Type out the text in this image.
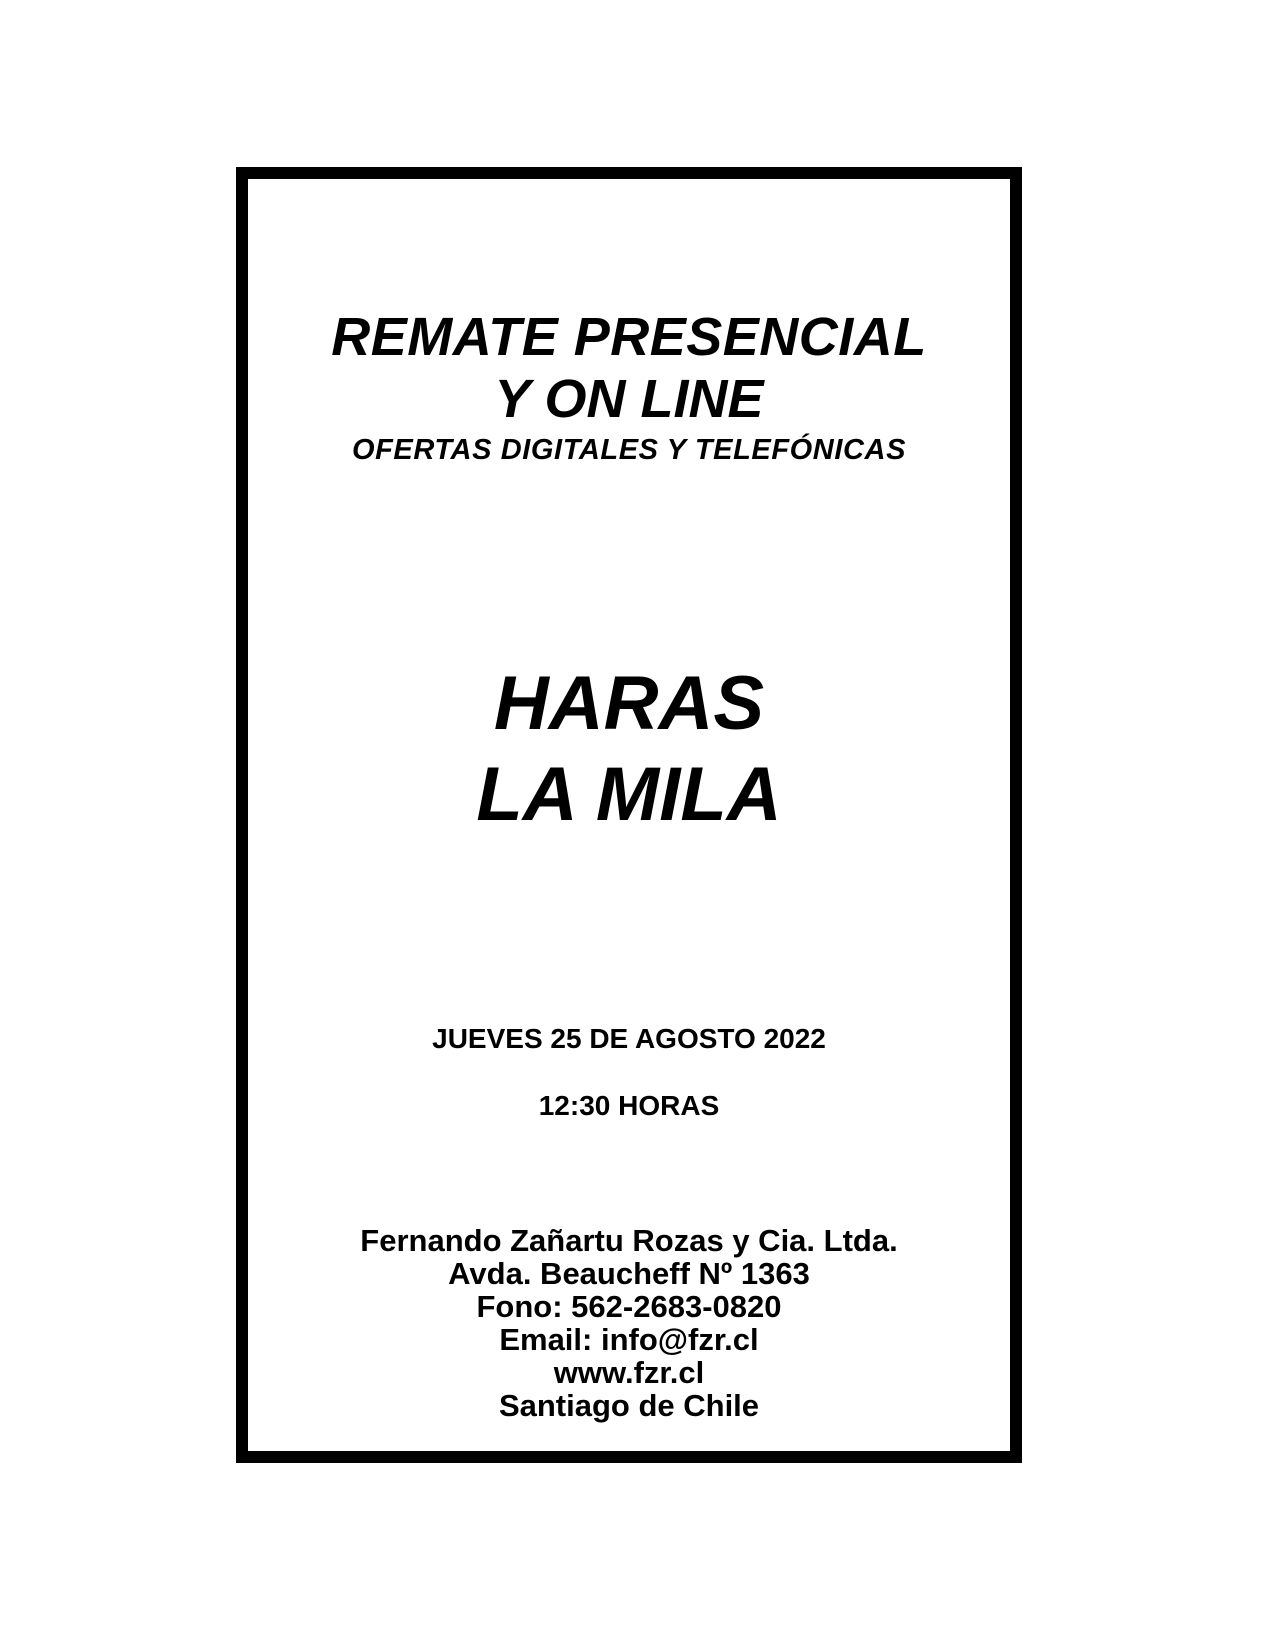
REMATE PRESENCIAL
Y ON LINE
OFERTAS DIGITALES Y TELEFÓNICAS
HARAS
LA MILA
JUEVES 25 DE AGOSTO 2022
12:30 HORAS
Fernando Zañartu Rozas y Cia. Ltda.
Avda. Beaucheff Nº 1363
Fono: 562-2683-0820
Email: info@fzr.cl
www.fzr.cl
Santiago de Chile
